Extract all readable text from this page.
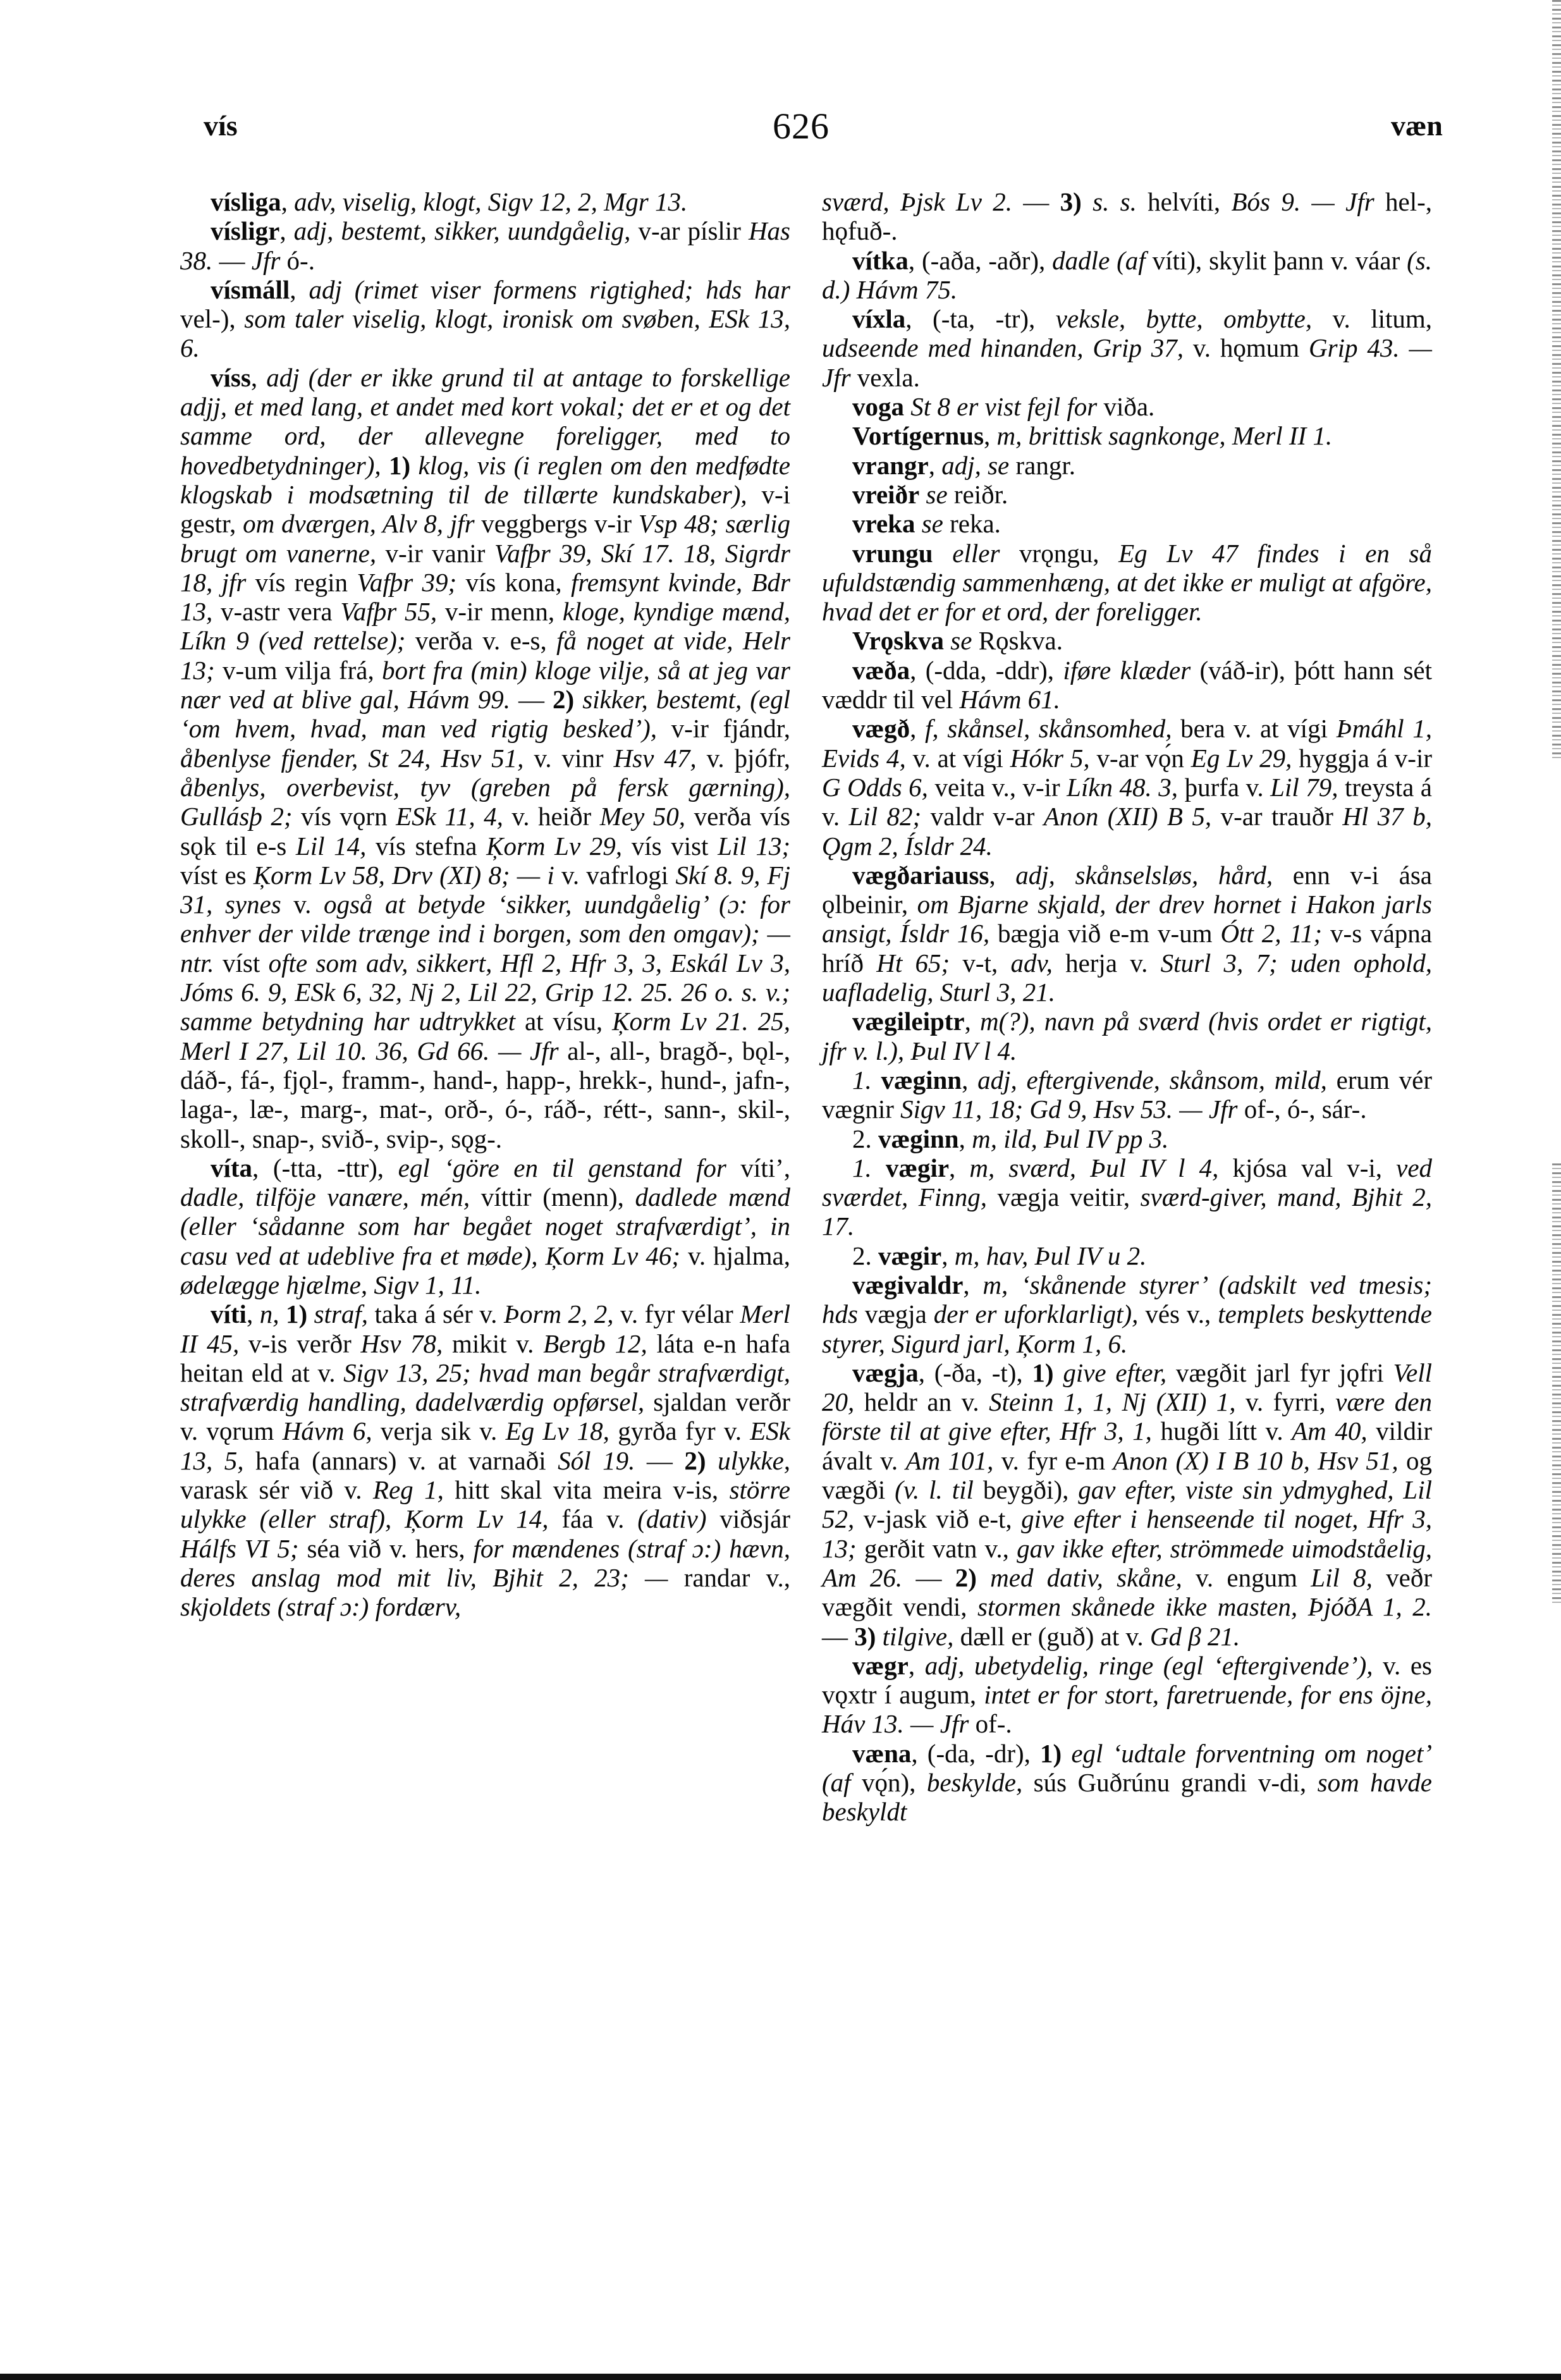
vís	626	væn

vísliga, adv, viselig, klogt, Sigv 12, 2, Mgr 13.

vísligr, adj, bestemt, sikker, uundgåelig, v-ar píslir Has 38. — Jfr ó-.

vísmáll, adj (rimet viser formens rigtighed; hds har vel-), som taler viselig, klogt, ironisk om svøben, ESk 13, 6.

víss, adj (der er ikke grund til at antage to forskellige adjj, et med lang, et andet med kort vokal; det er et og det samme ord, der allevegne foreligger, med to hovedbetydninger), 1) klog, vis (i reglen om den medfødte klogskab i modsætning til de tillærte kundskaber), v-i gestr, om dværgen, Alv 8, jfr veggbergs v-ir Vsp 48; særlig brugt om vanerne, v-ir vanir Vafþr 39, Skí 17. 18, Sigrdr 18, jfr vís regin Vafþr 39; vís kona, fremsynt kvinde, Bdr 13, v-astr vera Vafþr 55, v-ir menn, kloge, kyndige mænd, Líkn 9 (ved rettelse); verða v. e-s, få noget at vide, Helr 13; v-um vilja frá, bort fra (min) kloge vilje, så at jeg var nær ved at blive gal, Hávm 99. — 2) sikker, bestemt, (egl ‘om hvem, hvad, man ved rigtig besked’), v-ir fjándr, åbenlyse fjender, St 24, Hsv 51, v. vinr Hsv 47, v. þjófr, åbenlys, overbevist, tyv (greben på fersk gærning), Gullásþ 2; vís vǫrn ESk 11, 4, v. heiðr Mey 50, verða vís sǫk til e-s Lil 14, vís stefna Ķorm Lv 29, vís vist Lil 13; víst es Ķorm Lv 58, Drv (XI) 8; — i v. vafrlogi Skí 8. 9, Fj 31, synes v. også at betyde ‘sikker, uundgåelig’ (ɔ: for enhver der vilde trænge ind i borgen, som den omgav); — ntr. víst ofte som adv, sikkert, Hfl 2, Hfr 3, 3, Eskál Lv 3, Jóms 6. 9, ESk 6, 32, Nj 2, Lil 22, Grip 12. 25. 26 o. s. v.; samme betydning har udtrykket at vísu, Ķorm Lv 21. 25, Merl I 27, Lil 10. 36, Gd 66. — Jfr al-, all-, bragð-, bǫl-, dáð-, fá-, fjǫl-, framm-, hand-, happ-, hrekk-, hund-, jafn-, laga-, læ-, marg-, mat-, orð-, ó-, ráð-, rétt-, sann-, skil-, skoll-, snap-, svið-, svip-, sǫg-.

víta, (-tta, -ttr), egl ‘göre en til genstand for víti’, dadle, tilföje vanære, mén, víttir (menn), dadlede mænd (eller ‘sådanne som har begået noget strafværdigt’, in casu ved at udeblive fra et møde), Ķorm Lv 46; v. hjalma, ødelægge hjælme, Sigv 1, 11.

víti, n, 1) straf, taka á sér v. Þorm 2, 2, v. fyr vélar Merl II 45, v-is verðr Hsv 78, mikit v. Bergb 12, láta e-n hafa heitan eld at v. Sigv 13, 25; hvad man begår strafværdigt, strafværdig handling, dadelværdig opførsel, sjaldan verðr v. vǫrum Hávm 6, verja sik v. Eg Lv 18, gyrða fyr v. ESk 13, 5, hafa (annars) v. at varnaði Sól 19. — 2) ulykke, varask sér við v. Reg 1, hitt skal vita meira v-is, större ulykke (eller straf), Ķorm Lv 14, fáa v. (dativ) viðsjár Hálfs VI 5; séa við v. hers, for mændenes (straf ɔ:) hævn, deres anslag mod mit liv, Bjhit 2, 23; — randar v., skjoldets (straf ɔ:) fordærv,

sværd, Þjsk Lv 2. — 3) s. s. helvíti, Bós 9. — Jfr hel-, hǫfuð-.

vítka, (-aða, -aðr), dadle (af víti), skylit þann v. váar (s. d.) Hávm 75.

víxla, (-ta, -tr), veksle, bytte, ombytte, v. litum, udseende med hinanden, Grip 37, v. hǫmum Grip 43. — Jfr vexla.

voga St 8 er vist fejl for viða.

Vortígernus, m, brittisk sagnkonge, Merl II 1.

vrangr, adj, se rangr.

vreiðr se reiðr.

vreka se reka.

vrungu eller vrǫngu, Eg Lv 47 findes i en så ufuldstændig sammenhæng, at det ikke er muligt at afgöre, hvad det er for et ord, der foreligger.

Vrǫskva se Rǫskva.

væða, (-dda, -ddr), iføre klæder (váð-ir), þótt hann sét væddr til vel Hávm 61.

vægð, f, skånsel, skånsomhed, bera v. at vígi Þmáhl 1, Evids 4, v. at vígi Hókr 5, v-ar vǫ́n Eg Lv 29, hyggja á v-ir G Odds 6, veita v., v-ir Líkn 48. 3, þurfa v. Lil 79, treysta á v. Lil 82; valdr v-ar Anon (XII) B 5, v-ar trauðr Hl 37 b, Ǫgm 2, Ísldr 24.

vægðariauss, adj, skånselsløs, hård, enn v-i ása ǫlbeinir, om Bjarne skjald, der drev hornet i Hakon jarls ansigt, Ísldr 16, bægja við e-m v-um Ótt 2, 11; v-s vápna hríð Ht 65; v-t, adv, herja v. Sturl 3, 7; uden ophold, uafladelig, Sturl 3, 21.

vægileiptr, m(?), navn på sværd (hvis ordet er rigtigt, jfr v. l.), Þul IV l 4.

1. væginn, adj, eftergivende, skånsom, mild, erum vér vægnir Sigv 11, 18; Gd 9, Hsv 53. — Jfr of-, ó-, sár-.

2. væginn, m, ild, Þul IV pp 3.

1. vægir, m, sværd, Þul IV l 4, kjósa val v-i, ved sværdet, Finng, vægja veitir, sværd-giver, mand, Bjhit 2, 17.

2. vægir, m, hav, Þul IV u 2.

vægivaldr, m, ‘skånende styrer’ (adskilt ved tmesis; hds vægja der er uforklarligt), vés v., templets beskyttende styrer, Sigurd jarl, Ķorm 1, 6.

vægja, (-ða, -t), 1) give efter, vægðit jarl fyr jǫfri Vell 20, heldr an v. Steinn 1, 1, Nj (XII) 1, v. fyrri, være den förste til at give efter, Hfr 3, 1, hugði lítt v. Am 40, vildir ávalt v. Am 101, v. fyr e-m Anon (X) I B 10 b, Hsv 51, og vægði (v. l. til beygði), gav efter, viste sin ydmyghed, Lil 52, v-jask við e-t, give efter i henseende til noget, Hfr 3, 13; gerðit vatn v., gav ikke efter, strömmede uimodståelig, Am 26. — 2) med dativ, skåne, v. engum Lil 8, veðr vægðit vendi, stormen skånede ikke masten, ÞjóðA 1, 2. — 3) tilgive, dæll er (guð) at v. Gd β 21.

vægr, adj, ubetydelig, ringe (egl ‘eftergivende’), v. es vǫxtr í augum, intet er for stort, faretruende, for ens öjne, Háv 13. — Jfr of-.

væna, (-da, -dr), 1) egl ‘udtale forventning om noget’ (af vǫ́n), beskylde, sús Guðrúnu grandi v-di, som havde beskyldt
